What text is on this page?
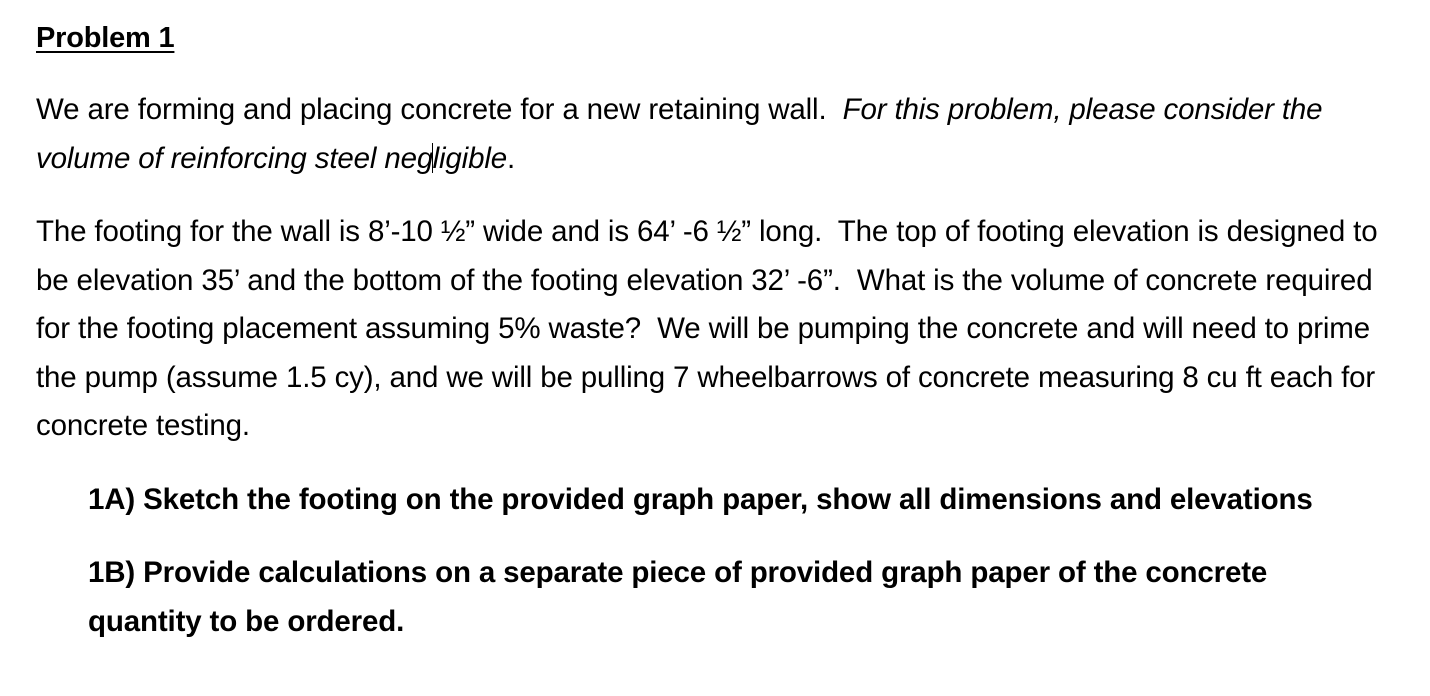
Problem 1

We are forming and placing concrete for a new retaining wall. For this problem, please consider the volume of reinforcing steel negligible.

The footing for the wall is 8’-10 ½” wide and is 64’ -6 ½” long.  The top of footing elevation is designed to be elevation 35’ and the bottom of the footing elevation 32’ -6”.  What is the volume of concrete required for the footing placement assuming 5% waste?  We will be pumping the concrete and will need to prime the pump (assume 1.5 cy), and we will be pulling 7 wheelbarrows of concrete measuring 8 cu ft each for concrete testing.

1A) Sketch the footing on the provided graph paper, show all dimensions and elevations

1B) Provide calculations on a separate piece of provided graph paper of the concrete quantity to be ordered.
